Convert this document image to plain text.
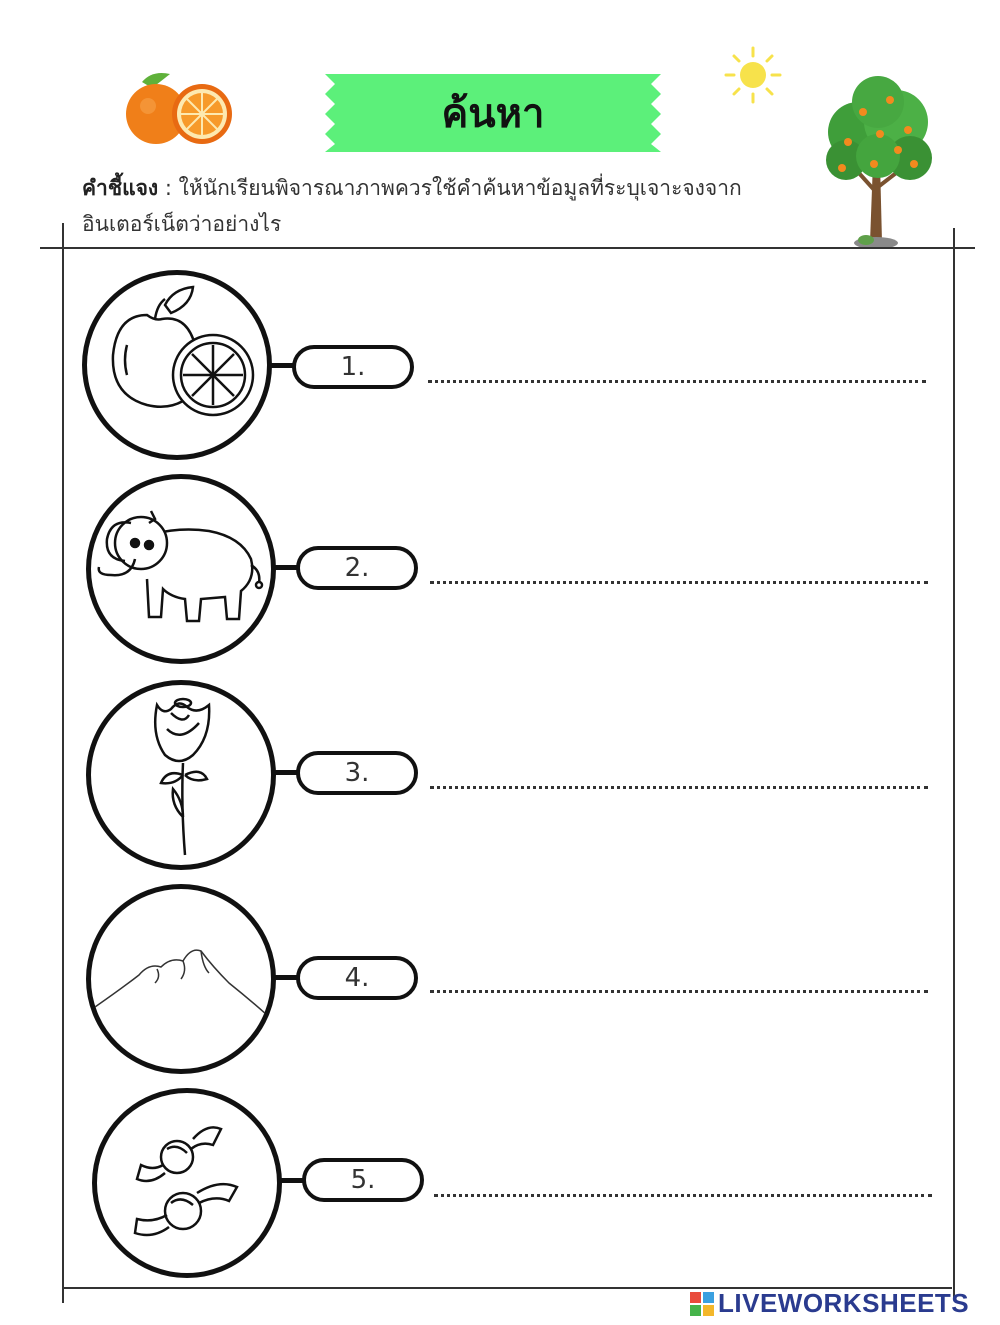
ค้นหา
คำชี้แจง : ให้นักเรียนพิจารณาภาพควรใช้คำค้นหาข้อมูลที่ระบุเจาะจงจากอินเตอร์เน็ตว่าอย่างไร
1.
2.
3.
4.
5.
LIVEWORKSHEETS
